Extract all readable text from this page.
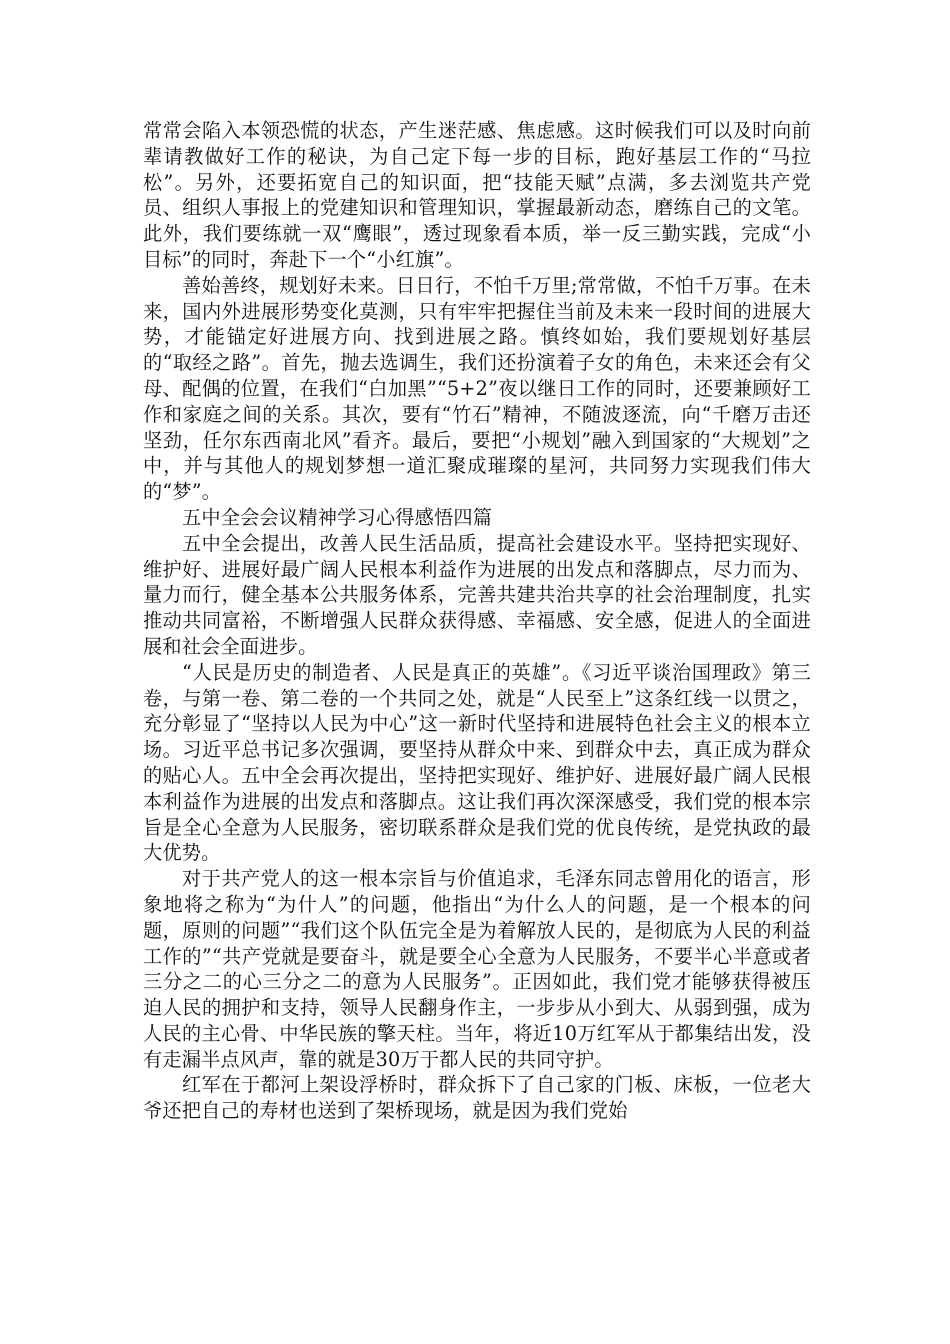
常常会陷入本领恐慌的状态，产生迷茫感、焦虑感。这时候我们可以及时向前辈请教做好工作的秘诀，为自己定下每一步的目标，跑好基层工作的“马拉松”。另外，还要拓宽自己的知识面，把“技能天赋”点满，多去浏览共产党员、组织人事报上的党建知识和管理知识，掌握最新动态，磨练自己的文笔。此外，我们要练就一双“鹰眼”，透过现象看本质，举一反三勤实践，完成“小目标”的同时，奔赴下一个“小红旗”。

善始善终，规划好未来。日日行，不怕千万里;常常做，不怕千万事。在未来，国内外进展形势变化莫测，只有牢牢把握住当前及未来一段时间的进展大势，才能锚定好进展方向、找到进展之路。慎终如始，我们要规划好基层的“取经之路”。首先，抛去选调生，我们还扮演着子女的角色，未来还会有父母、配偶的位置，在我们“白加黑”“5+2”夜以继日工作的同时，还要兼顾好工作和家庭之间的关系。其次，要有“竹石”精神，不随波逐流，向“千磨万击还坚劲，任尔东西南北风”看齐。最后，要把“小规划”融入到国家的“大规划”之中，并与其他人的规划梦想一道汇聚成璀璨的星河，共同努力实现我们伟大的“梦”。

五中全会会议精神学习心得感悟四篇

五中全会提出，改善人民生活品质，提高社会建设水平。坚持把实现好、维护好、进展好最广阔人民根本利益作为进展的出发点和落脚点，尽力而为、量力而行，健全基本公共服务体系，完善共建共治共享的社会治理制度，扎实推动共同富裕，不断增强人民群众获得感、幸福感、安全感，促进人的全面进展和社会全面进步。

“人民是历史的制造者、人民是真正的英雄”。《习近平谈治国理政》第三卷，与第一卷、第二卷的一个共同之处，就是“人民至上”这条红线一以贯之，充分彰显了“坚持以人民为中心”这一新时代坚持和进展特色社会主义的根本立场。习近平总书记多次强调，要坚持从群众中来、到群众中去，真正成为群众的贴心人。五中全会再次提出，坚持把实现好、维护好、进展好最广阔人民根本利益作为进展的出发点和落脚点。这让我们再次深深感受，我们党的根本宗旨是全心全意为人民服务，密切联系群众是我们党的优良传统，是党执政的最大优势。

对于共产党人的这一根本宗旨与价值追求，毛泽东同志曾用化的语言，形象地将之称为“为什人”的问题，他指出“为什么人的问题，是一个根本的问题，原则的问题”“我们这个队伍完全是为着解放人民的，是彻底为人民的利益工作的”“共产党就是要奋斗，就是要全心全意为人民服务，不要半心半意或者三分之二的心三分之二的意为人民服务”。正因如此，我们党才能够获得被压迫人民的拥护和支持，领导人民翻身作主，一步步从小到大、从弱到强，成为人民的主心骨、中华民族的擎天柱。当年，将近10万红军从于都集结出发，没有走漏半点风声，靠的就是30万于都人民的共同守护。

红军在于都河上架设浮桥时，群众拆下了自己家的门板、床板，一位老大爷还把自己的寿材也送到了架桥现场，就是因为我们党始
